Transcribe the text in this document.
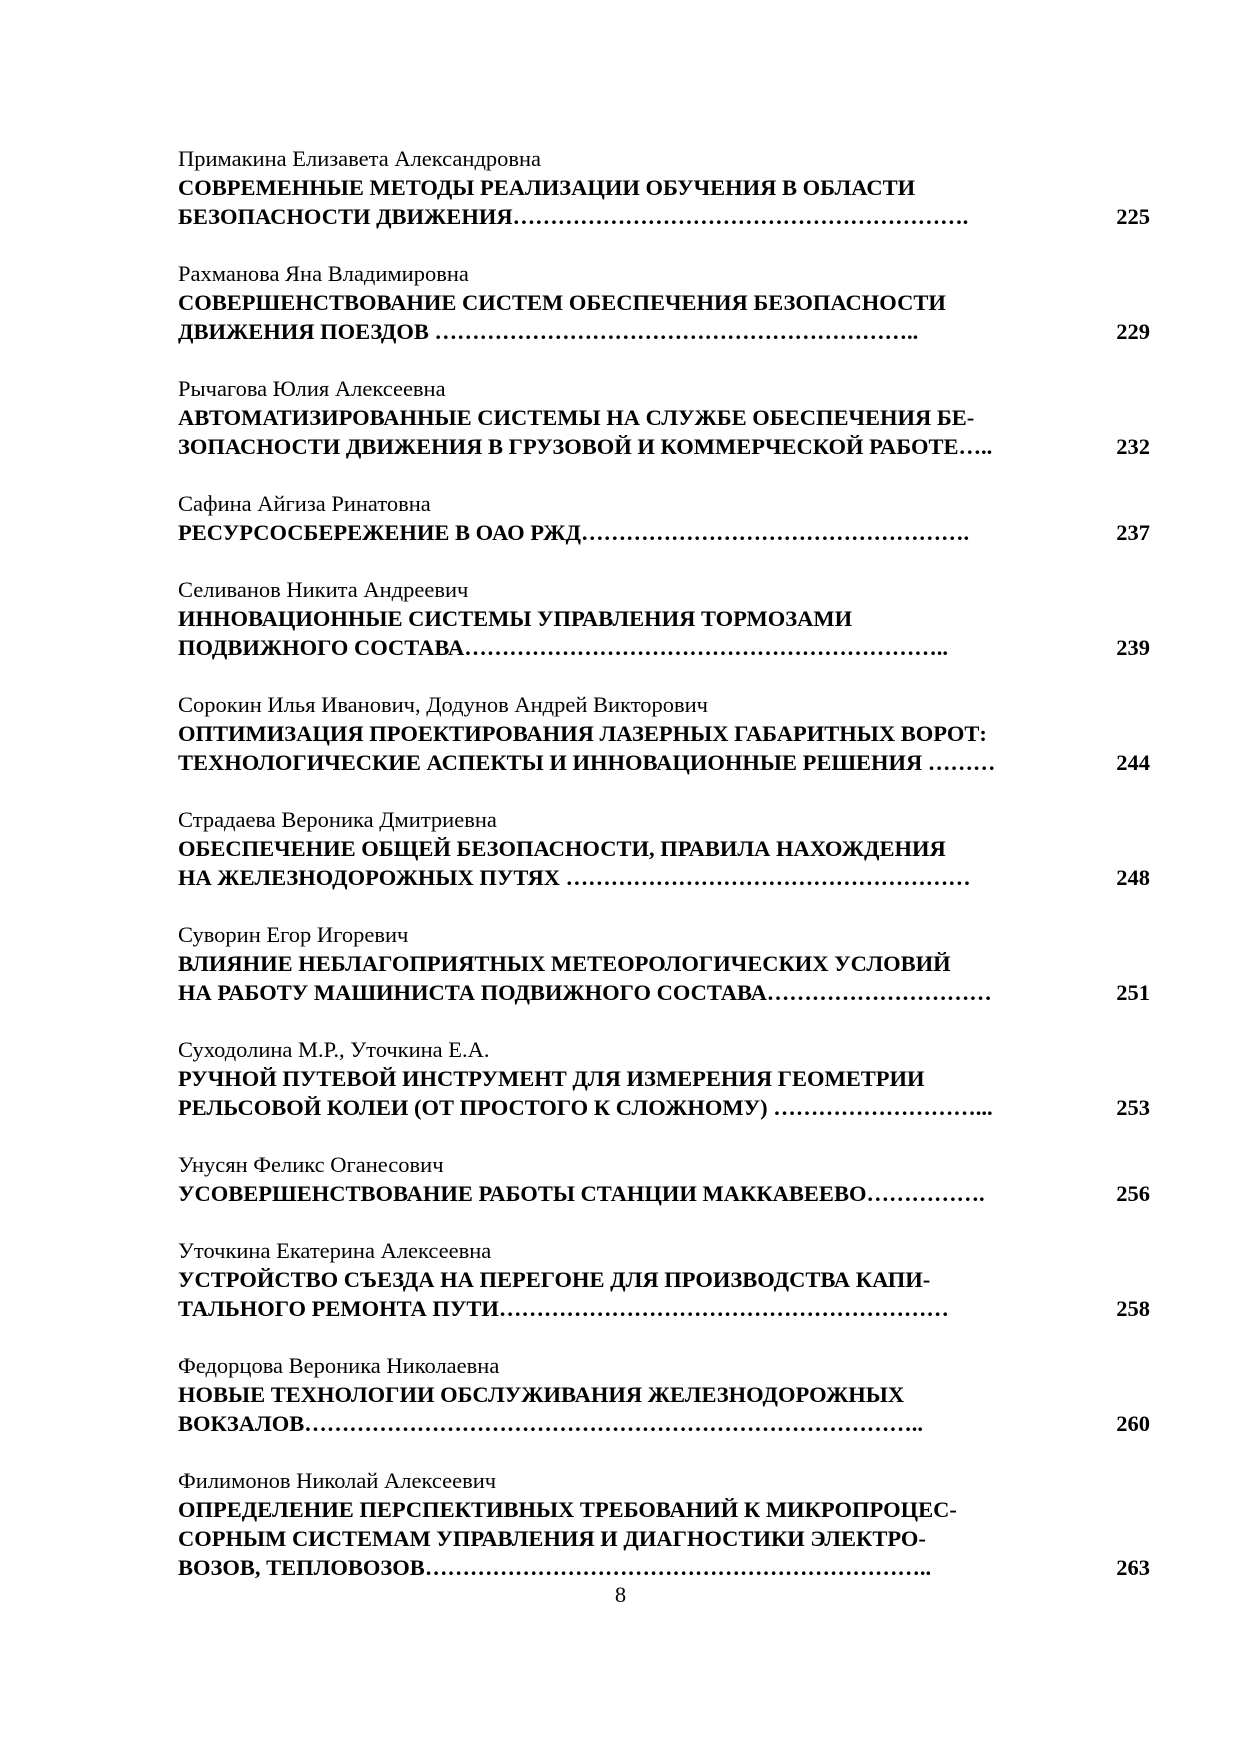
Примакина Елизавета Александровна
СОВРЕМЕННЫЕ МЕТОДЫ РЕАЛИЗАЦИИ ОБУЧЕНИЯ В ОБЛАСТИ
БЕЗОПАСНОСТИ ДВИЖЕНИЯ…………………………………………………….	225
Рахманова Яна Владимировна
СОВЕРШЕНСТВОВАНИЕ СИСТЕМ ОБЕСПЕЧЕНИЯ БЕЗОПАСНОСТИ
ДВИЖЕНИЯ ПОЕЗДОВ ………………………………………………………..	229
Рычагова Юлия Алексеевна
АВТОМАТИЗИРОВАННЫЕ СИСТЕМЫ НА СЛУЖБЕ ОБЕСПЕЧЕНИЯ БЕ-
ЗОПАСНОСТИ ДВИЖЕНИЯ В ГРУЗОВОЙ И КОММЕРЧЕСКОЙ РАБОТЕ…..	232
Сафина Айгиза Ринатовна
РЕСУРСОСБЕРЕЖЕНИЕ В ОАО РЖД…………………………………………….	237
Селиванов Никита Андреевич
ИННОВАЦИОННЫЕ СИСТЕМЫ УПРАВЛЕНИЯ ТОРМОЗАМИ
ПОДВИЖНОГО СОСТАВА………………………………………………………..	239
Сорокин Илья Иванович, Додунов Андрей Викторович
ОПТИМИЗАЦИЯ ПРОЕКТИРОВАНИЯ ЛАЗЕРНЫХ ГАБАРИТНЫХ ВОРОТ:
ТЕХНОЛОГИЧЕСКИЕ АСПЕКТЫ И ИННОВАЦИОННЫЕ РЕШЕНИЯ ………	244
Страдаева Вероника Дмитриевна
ОБЕСПЕЧЕНИЕ ОБЩЕЙ БЕЗОПАСНОСТИ, ПРАВИЛА НАХОЖДЕНИЯ
НА ЖЕЛЕЗНОДОРОЖНЫХ ПУТЯХ ………………………………………………	248
Суворин Егор Игоревич
ВЛИЯНИЕ НЕБЛАГОПРИЯТНЫХ МЕТЕОРОЛОГИЧЕСКИХ УСЛОВИЙ
НА РАБОТУ МАШИНИСТА ПОДВИЖНОГО СОСТАВА…………………………	251
Суходолина М.Р., Уточкина Е.А.
РУЧНОЙ ПУТЕВОЙ ИНСТРУМЕНТ ДЛЯ ИЗМЕРЕНИЯ ГЕОМЕТРИИ
РЕЛЬСОВОЙ КОЛЕИ (ОТ ПРОСТОГО К СЛОЖНОМУ) ………………………...	253
Унусян Феликс Оганесович
УСОВЕРШЕНСТВОВАНИЕ РАБОТЫ СТАНЦИИ МАККАВЕЕВО…………….	256
Уточкина Екатерина Алексеевна
УСТРОЙСТВО СЪЕЗДА НА ПЕРЕГОНЕ ДЛЯ ПРОИЗВОДСТВА КАПИ-
ТАЛЬНОГО РЕМОНТА ПУТИ……………………………………………………	258
Федорцова Вероника Николаевна
НОВЫЕ ТЕХНОЛОГИИ ОБСЛУЖИВАНИЯ ЖЕЛЕЗНОДОРОЖНЫХ
ВОКЗАЛОВ………………………………………………………………………..	260
Филимонов Николай Алексеевич
ОПРЕДЕЛЕНИЕ ПЕРСПЕКТИВНЫХ ТРЕБОВАНИЙ К МИКРОПРОЦЕС-
СОРНЫМ СИСТЕМАМ УПРАВЛЕНИЯ И ДИАГНОСТИКИ ЭЛЕКТРО-
ВОЗОВ, ТЕПЛОВОЗОВ…………………………………………………………..	263
8
